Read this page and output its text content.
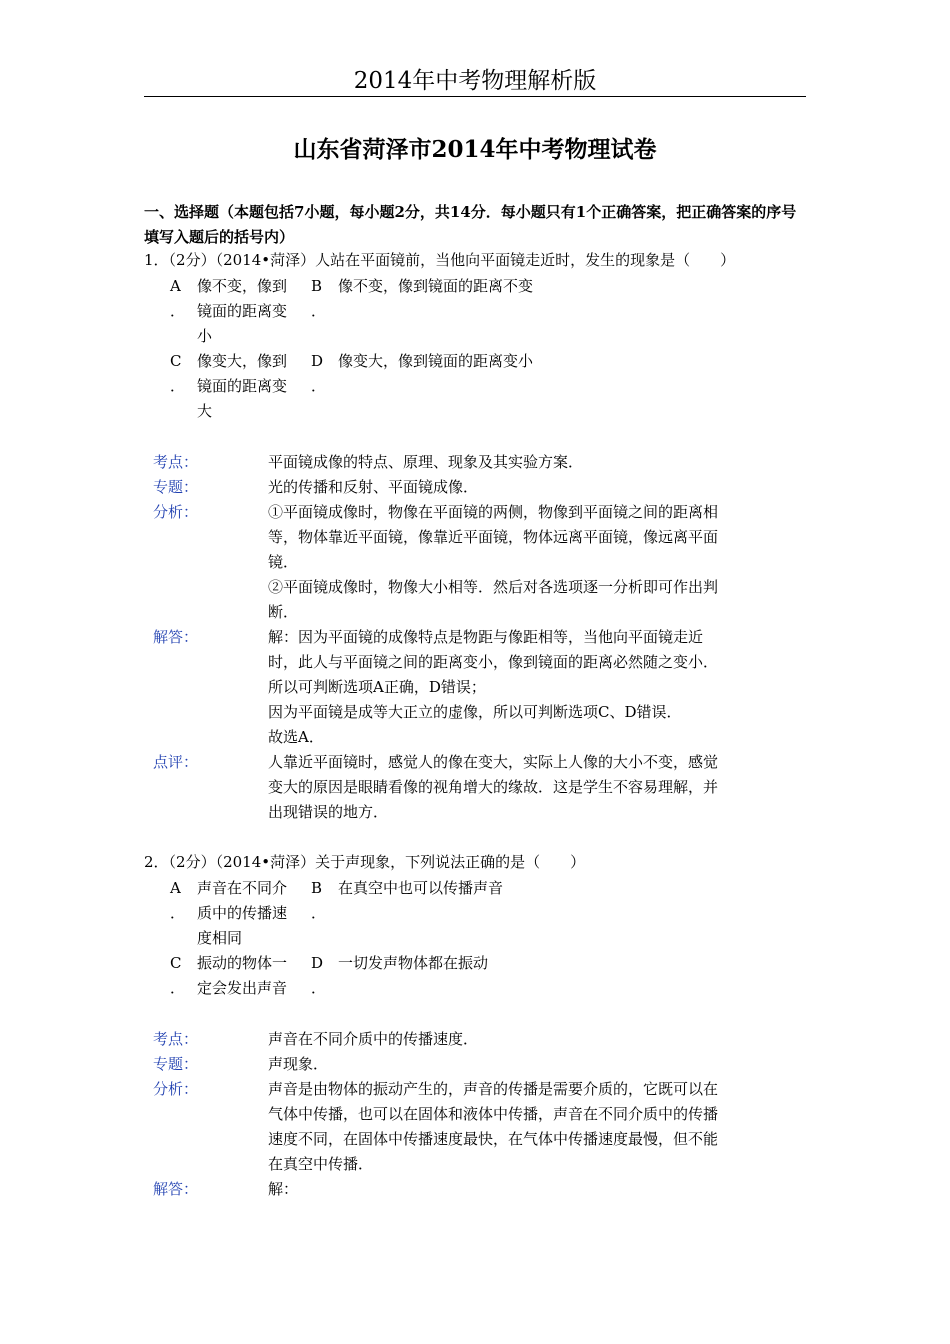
2014年中考物理解析版
山东省菏泽市2014年中考物理试卷
一、选择题（本题包括7小题，每小题2分，共14分．每小题只有1个正确答案，把正确答案的序号填写入题后的括号内）
1．（2分）（2014•菏泽）人站在平面镜前，当他向平面镜走近时，发生的现象是（　　）
A
．
像不变，像到
镜面的距离变
小
B
．
像不变，像到镜面的距离不变
C
．
像变大，像到
镜面的距离变
大
D
．
像变大，像到镜面的距离变小
考点：	平面镜成像的特点、原理、现象及其实验方案．
专题：	光的传播和反射、平面镜成像．
分析：	①平面镜成像时，物像在平面镜的两侧，物像到平面镜之间的距离相
等，物体靠近平面镜，像靠近平面镜，物体远离平面镜，像远离平面
镜．
②平面镜成像时，物像大小相等．然后对各选项逐一分析即可作出判
断．
解答：	解：因为平面镜的成像特点是物距与像距相等，当他向平面镜走近
时，此人与平面镜之间的距离变小，像到镜面的距离必然随之变小．
所以可判断选项A正确，D错误；
因为平面镜是成等大正立的虚像，所以可判断选项C、D错误．
故选A．
点评：	人靠近平面镜时，感觉人的像在变大，实际上人像的大小不变，感觉
变大的原因是眼睛看像的视角增大的缘故．这是学生不容易理解，并
出现错误的地方．
2．（2分）（2014•菏泽）关于声现象，下列说法正确的是（　　）
A
．
声音在不同介
质中的传播速
度相同
B
．
在真空中也可以传播声音
C
．
振动的物体一
定会发出声音
D
．
一切发声物体都在振动
考点：	声音在不同介质中的传播速度．
专题：	声现象．
分析：	声音是由物体的振动产生的，声音的传播是需要介质的，它既可以在
气体中传播，也可以在固体和液体中传播，声音在不同介质中的传播
速度不同，在固体中传播速度最快，在气体中传播速度最慢，但不能
在真空中传播．
解答：	解：
